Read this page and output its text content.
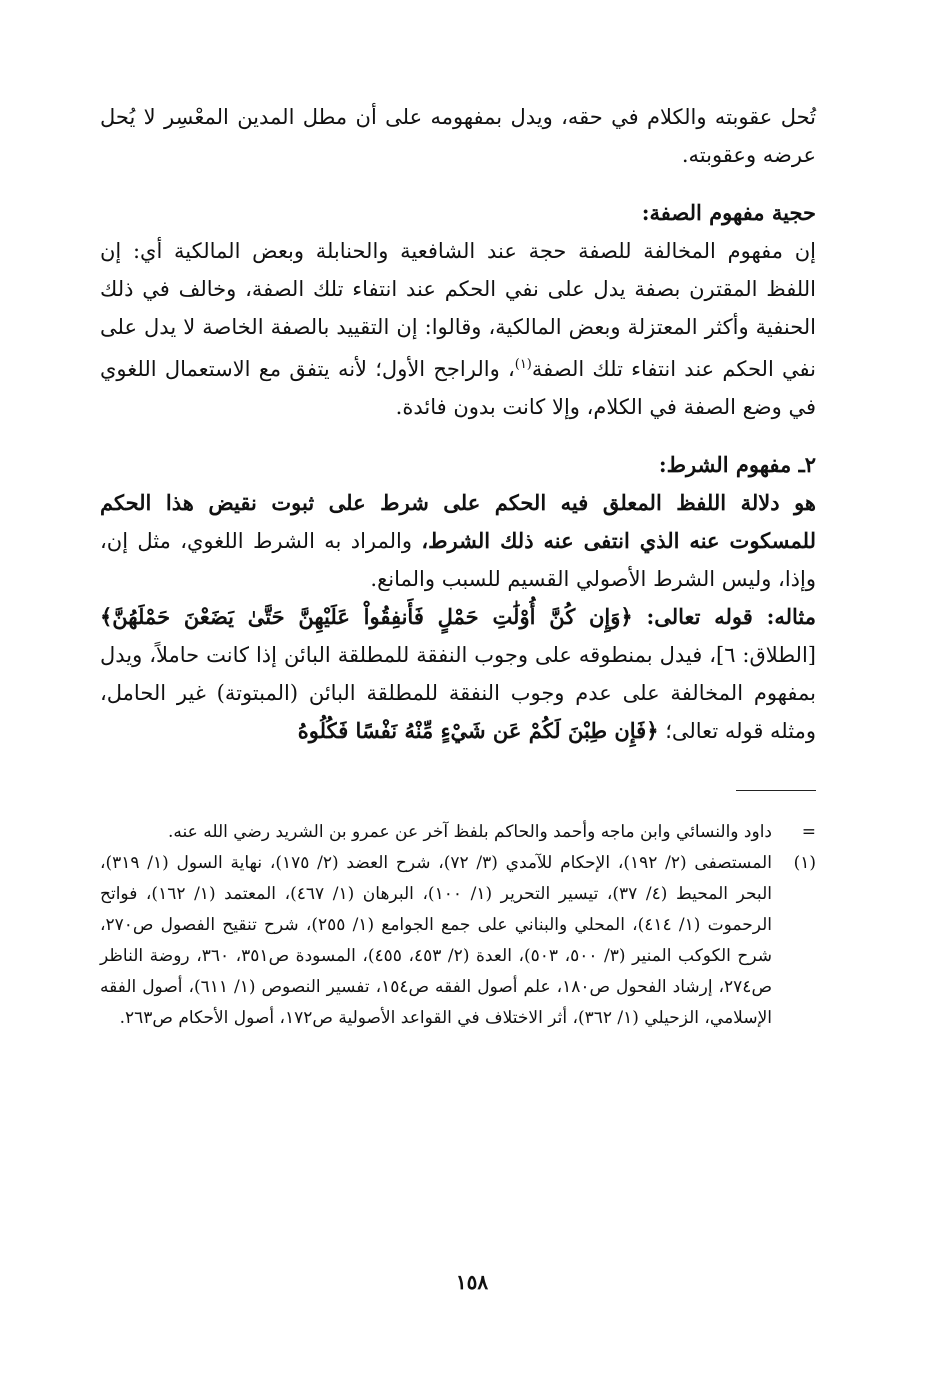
تُحل عقوبته والكلام في حقه، ويدل بمفهومه على أن مطل المدين المعْسِر لا يُحل عرضه وعقوبته.

حجية مفهوم الصفة:

إن مفهوم المخالفة للصفة حجة عند الشافعية والحنابلة وبعض المالكية أي: إن اللفظ المقترن بصفة يدل على نفي الحكم عند انتفاء تلك الصفة، وخالف في ذلك الحنفية وأكثر المعتزلة وبعض المالكية، وقالوا: إن التقييد بالصفة الخاصة لا يدل على نفي الحكم عند انتفاء تلك الصفة$^{(١)}$، والراجح الأول؛ لأنه يتفق مع الاستعمال اللغوي في وضع الصفة في الكلام، وإلا كانت بدون فائدة.

٢ـ مفهوم الشرط:

هو دلالة اللفظ المعلق فيه الحكم على شرط على ثبوت نقيض هذا الحكم للمسكوت عنه الذي انتفى عنه ذلك الشرط، والمراد به الشرط اللغوي، مثل إن، وإذا، وليس الشرط الأصولي القسيم للسبب والمانع.

مثاله: قوله تعالى: ﴿وَإِن كُنَّ أُوْلَٰتِ حَمْلٍ فَأَنفِقُواْ عَلَيْهِنَّ حَتَّىٰ يَضَعْنَ حَمْلَهُنَّ﴾ [الطلاق: ٦]، فيدل بمنطوقه على وجوب النفقة للمطلقة البائن إذا كانت حاملاً، ويدل بمفهوم المخالفة على عدم وجوب النفقة للمطلقة البائن (المبتوتة) غير الحامل، ومثله قوله تعالى؛ ﴿فَإِن طِبْنَ لَكُمْ عَن شَيْءٍ مِّنْهُ نَفْسًا فَكُلُوهُ

=
داود والنسائي وابن ماجه وأحمد والحاكم بلفظ آخر عن عمرو بن الشريد رضي الله عنه.
(١)
المستصفى (٢/ ١٩٢)، الإحكام للآمدي (٣/ ٧٢)، شرح العضد (٢/ ١٧٥)، نهاية السول (١/ ٣١٩)، البحر المحيط (٤/ ٣٧)، تيسير التحرير (١/ ١٠٠)، البرهان (١/ ٤٦٧)، المعتمد (١/ ١٦٢)، فواتح الرحموت (١/ ٤١٤)، المحلي والبناني على جمع الجوامع (١/ ٢٥٥)، شرح تنقيح الفصول ص٢٧٠، شرح الكوكب المنير (٣/ ٥٠٠، ٥٠٣)، العدة (٢/ ٤٥٣، ٤٥٥)، المسودة ص٣٥١، ٣٦٠، روضة الناظر ص٢٧٤، إرشاد الفحول ص١٨٠، علم أصول الفقه ص١٥٤، تفسير النصوص (١/ ٦١١)، أصول الفقه الإسلامي، الزحيلي (١/ ٣٦٢)، أثر الاختلاف في القواعد الأصولية ص١٧٢، أصول الأحكام ص٢٦٣.
١٥٨
